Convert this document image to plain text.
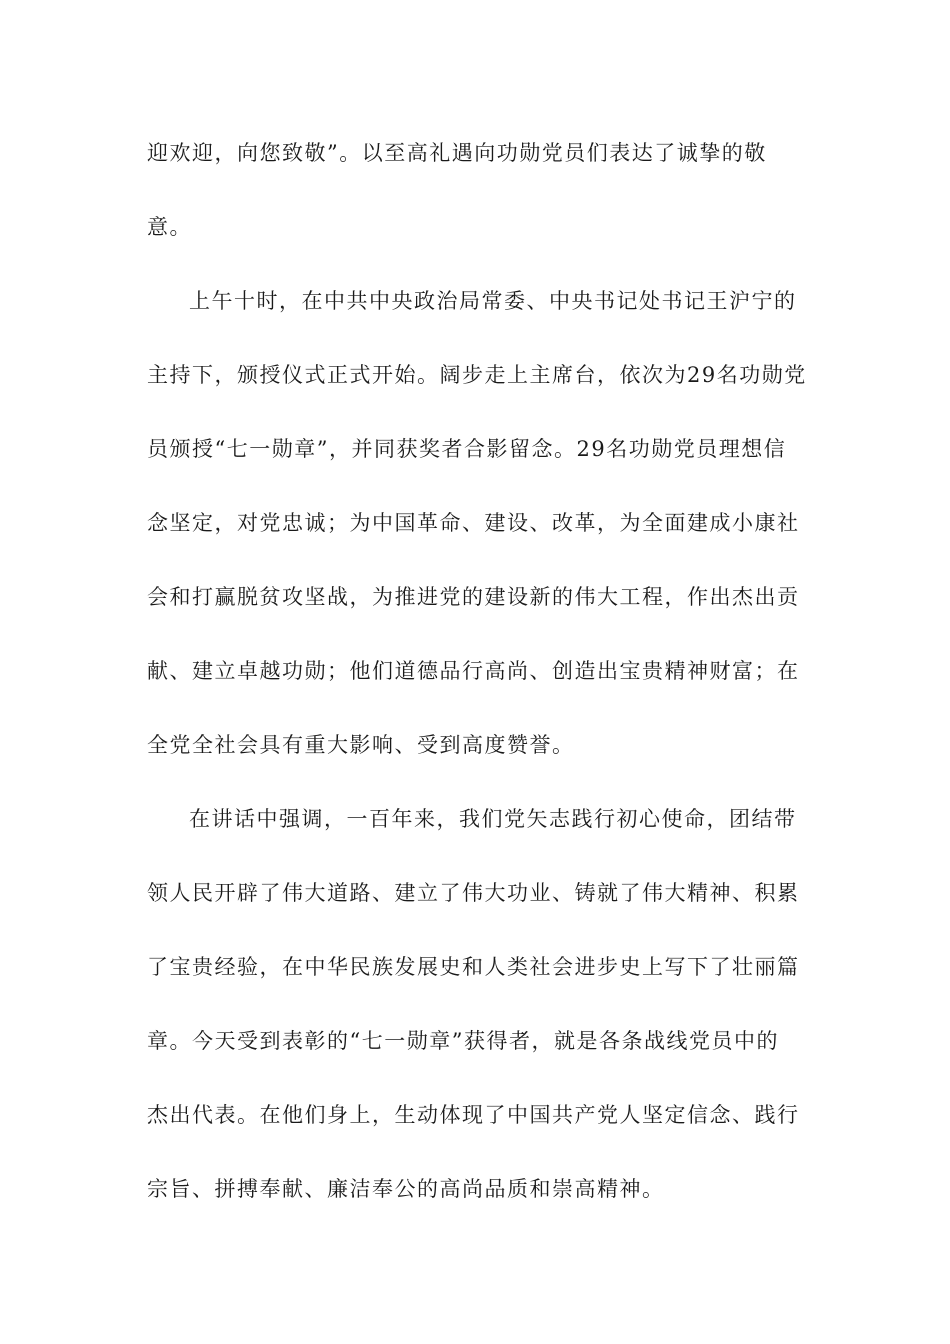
迎欢迎，向您致敬”。以至高礼遇向功勋党员们表达了诚挚的敬
意。
上午十时，在中共中央政治局常委、中央书记处书记王沪宁的
主持下，颁授仪式正式开始。阔步走上主席台，依次为29名功勋党
员颁授“七一勋章”，并同获奖者合影留念。29名功勋党员理想信
念坚定，对党忠诚；为中国革命、建设、改革，为全面建成小康社
会和打赢脱贫攻坚战，为推进党的建设新的伟大工程，作出杰出贡
献、建立卓越功勋；他们道德品行高尚、创造出宝贵精神财富；在
全党全社会具有重大影响、受到高度赞誉。
在讲话中强调，一百年来，我们党矢志践行初心使命，团结带
领人民开辟了伟大道路、建立了伟大功业、铸就了伟大精神、积累
了宝贵经验，在中华民族发展史和人类社会进步史上写下了壮丽篇
章。今天受到表彰的“七一勋章”获得者，就是各条战线党员中的
杰出代表。在他们身上，生动体现了中国共产党人坚定信念、践行
宗旨、拼搏奉献、廉洁奉公的高尚品质和崇高精神。
